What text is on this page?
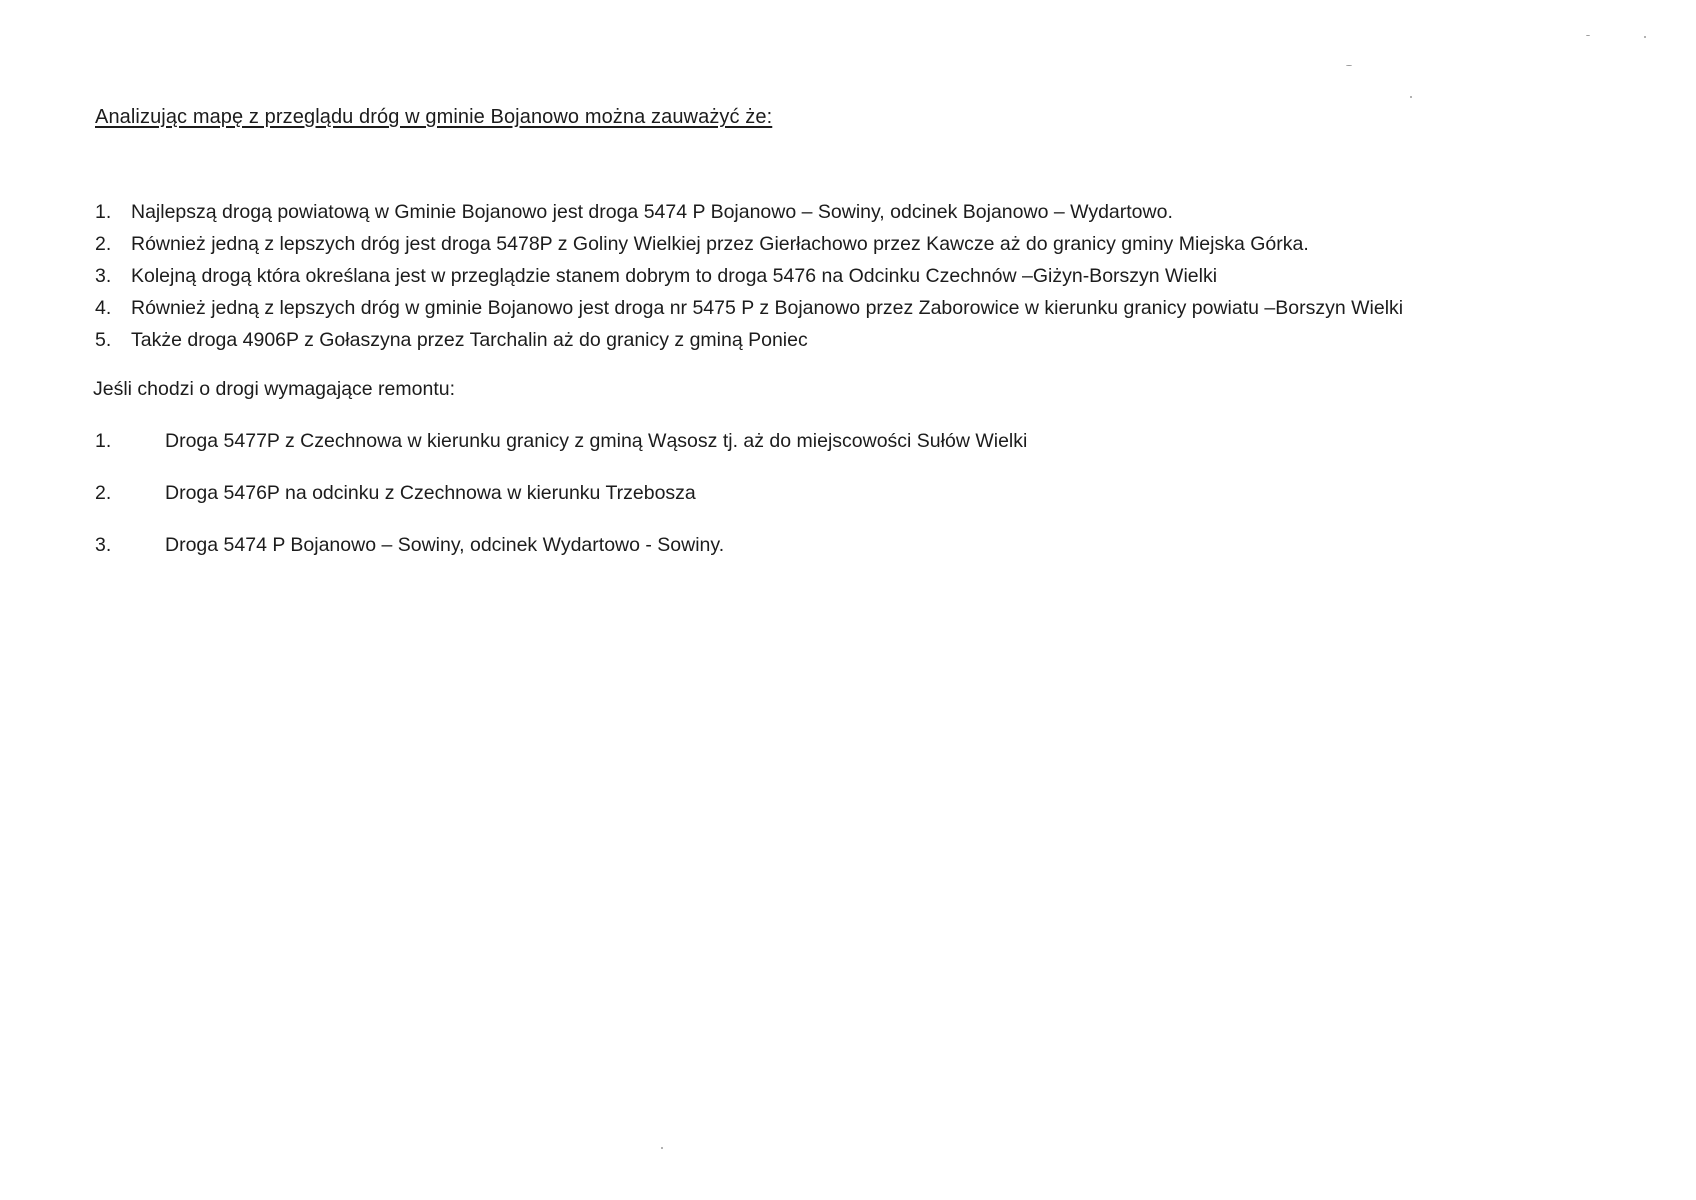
Analizując mapę z przeglądu dróg w gminie Bojanowo można zauważyć że:
1.	Najlepszą drogą powiatową w Gminie Bojanowo jest droga 5474 P Bojanowo – Sowiny, odcinek Bojanowo – Wydartowo.
2.	Również jedną z lepszych dróg jest droga 5478P z Goliny Wielkiej przez Gierłachowo przez Kawcze aż do granicy gminy Miejska Górka.
3.	Kolejną drogą która określana jest w przeglądzie stanem dobrym to droga 5476 na Odcinku Czechnów –Giżyn-Borszyn Wielki
4.	Również jedną z lepszych dróg w gminie Bojanowo jest droga nr 5475 P z Bojanowo przez Zaborowice w kierunku granicy powiatu –Borszyn Wielki
5.	Także droga 4906P z Gołaszyna przez Tarchalin aż do granicy z gminą Poniec
Jeśli chodzi o drogi wymagające remontu:
1.	Droga 5477P z Czechnowa w kierunku granicy z gminą Wąsosz tj. aż do miejscowości Sułów Wielki
2.	Droga 5476P na odcinku z Czechnowa w kierunku Trzebosza
3.	Droga 5474 P Bojanowo – Sowiny, odcinek Wydartowo - Sowiny.
